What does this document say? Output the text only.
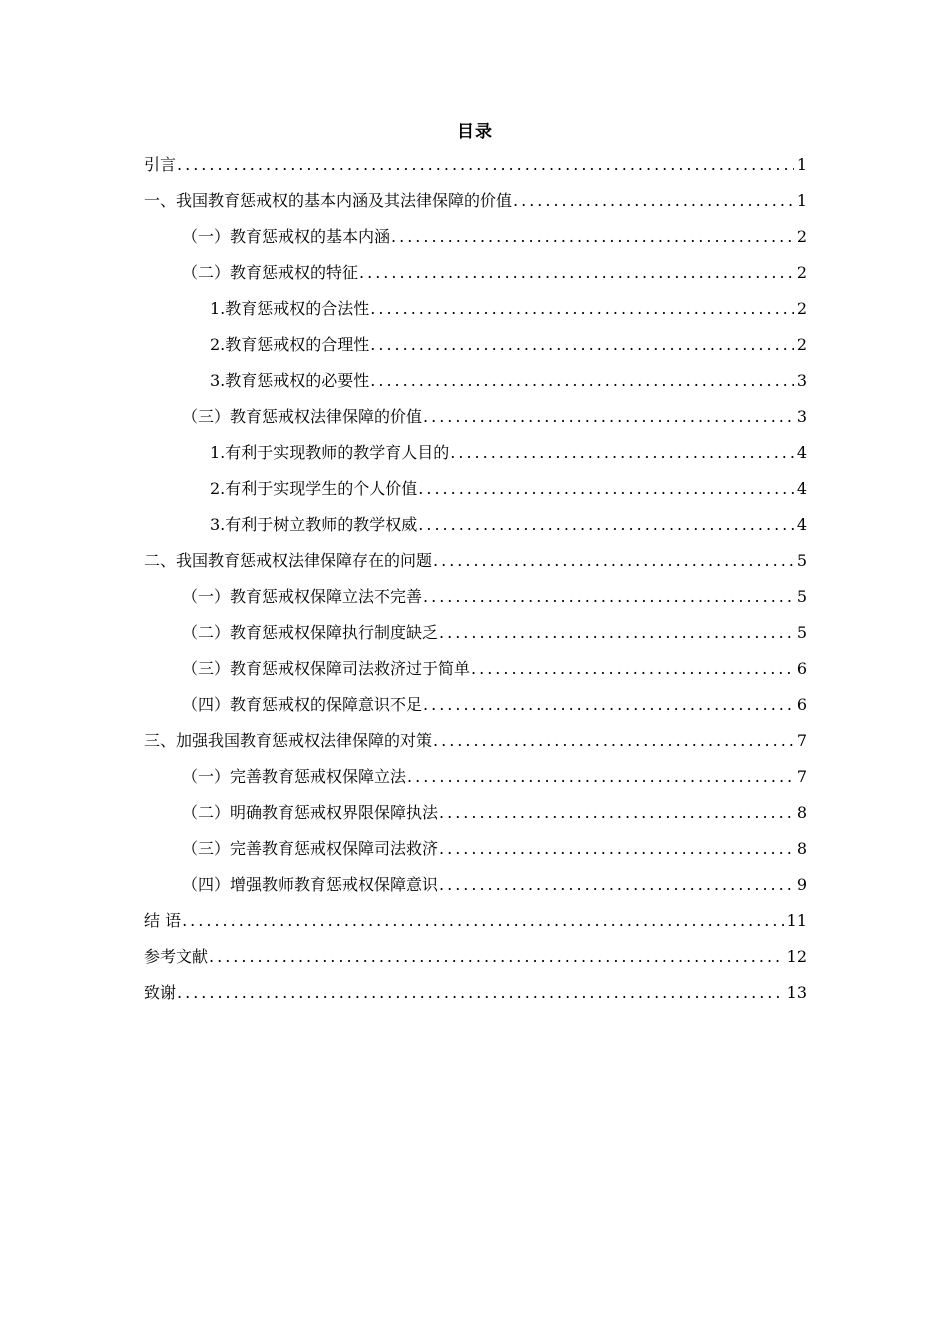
目录
引言 .....	1
一、我国教育惩戒权的基本内涵及其法律保障的价值 .....	1
（一）教育惩戒权的基本内涵 .....	2
（二）教育惩戒权的特征 .....	2
1.教育惩戒权的合法性 .....	2
2.教育惩戒权的合理性 .....	2
3.教育惩戒权的必要性 .....	3
（三）教育惩戒权法律保障的价值 .....	3
1.有利于实现教师的教学育人目的 .....	4
2.有利于实现学生的个人价值 .....	4
3.有利于树立教师的教学权威 .....	4
二、我国教育惩戒权法律保障存在的问题 .....	5
（一）教育惩戒权保障立法不完善 .....	5
（二）教育惩戒权保障执行制度缺乏 .....	5
（三）教育惩戒权保障司法救济过于简单 .....	6
（四）教育惩戒权的保障意识不足 .....	6
三、加强我国教育惩戒权法律保障的对策 .....	7
（一）完善教育惩戒权保障立法 .....	7
（二）明确教育惩戒权界限保障执法 .....	8
（三）完善教育惩戒权保障司法救济 .....	8
（四）增强教师教育惩戒权保障意识 .....	9
结 语 .....	11
参考文献 .....	12
致谢 .....	13
